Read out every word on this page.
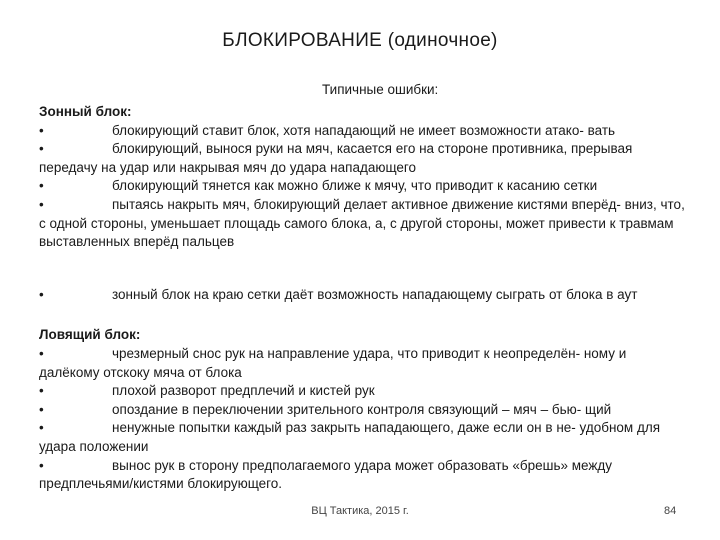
БЛОКИРОВАНИЕ (одиночное)
Типичные ошибки:
Зонный блок:
•	блокирующий ставит блок, хотя нападающий не имеет возможности атако- вать
•	блокирующий, вынося руки на мяч, касается его на стороне противника, прерывая передачу на удар или накрывая мяч до удара нападающего
•	блокирующий тянется как можно ближе к мячу, что приводит к касанию сетки
•	пытаясь накрыть мяч, блокирующий делает активное движение кистями вперёд- вниз, что, с одной стороны, уменьшает площадь самого блока, а, с другой стороны, может привести к травмам выставленных вперёд пальцев
•	зонный блок на краю сетки даёт возможность нападающему сыграть от блока в аут
Ловящий блок:
•	чрезмерный снос рук на направление удара, что приводит к неопределён- ному и далёкому отскоку мяча от блока
•	плохой разворот предплечий и кистей рук
•	опоздание в переключении зрительного контроля связующий – мяч – бью- щий
•	ненужные попытки каждый раз закрыть нападающего, даже если он в не- удобном для удара положении
•	вынос рук в сторону предполагаемого удара может образовать «брешь» между предплечьями/кистями блокирующего.
ВЦ Тактика, 2015 г.	84
